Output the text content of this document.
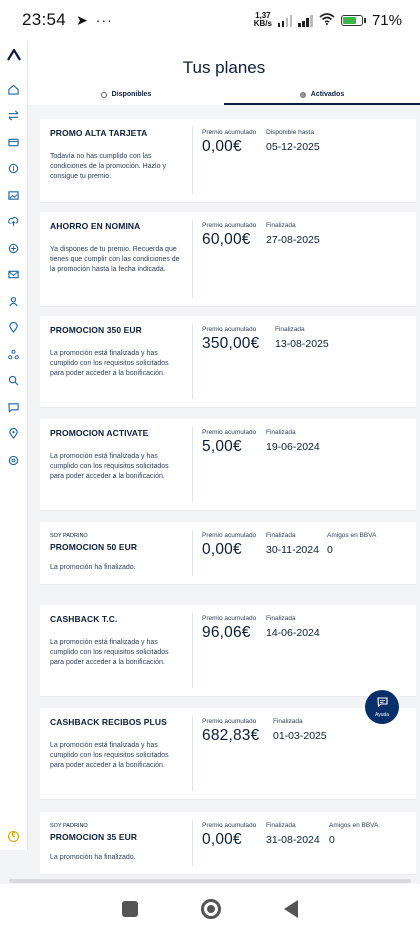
23:54 ➤ ···	1,37
KB/s	71%
€
Tus planes
Disponibles	Activados
PROMO ALTA TARJETA
Todavía no has cumplido con las condiciones de la promoción. Hazlo y consigue tu premio.
Premio acumulado
0,00€
Disponible hasta
05-12-2025
AHORRO EN NOMINA
Ya dispones de tu premio. Recuerda que tienes que cumplir con las condiciones de la promoción hasta la fecha indicada.
Premio acumulado
60,00€
Finalizada
27-08-2025
PROMOCION 350 EUR
La promoción está finalizada y has cumplido con los requisitos solicitados para poder acceder a la bonificación.
Premio acumulado
350,00€
Finalizada
13-08-2025
PROMOCION ACTIVATE
La promoción está finalizada y has cumplido con los requisitos solicitados para poder acceder a la bonificación.
Premio acumulado
5,00€
Finalizada
19-06-2024
SOY PADRINO
PROMOCION 50 EUR
La promoción ha finalizado.
Premio acumulado
0,00€
Finalizada
30-11-2024
Amigos en BBVA
0
CASHBACK T.C.
La promoción está finalizada y has cumplido con los requisitos solicitados para poder acceder a la bonificación.
Premio acumulado
96,06€
Finalizada
14-06-2024
CASHBACK RECIBOS PLUS
La promoción está finalizada y has cumplido con los requisitos solicitados para poder acceder a la bonificación.
Premio acumulado
682,83€
Finalizada
01-03-2025
SOY PADRINO
PROMOCION 35 EUR
La promoción ha finalizado.
Premio acumulado
0,00€
Finalizada
31-08-2024
Amigos en BBVA
0
Ayuda
